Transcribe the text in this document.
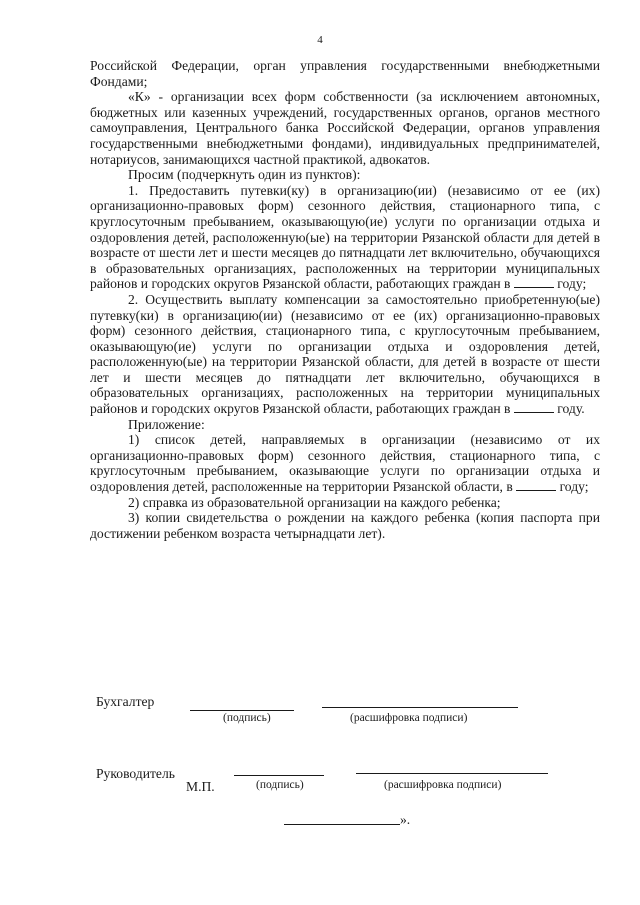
4

Российской Федерации, орган управления государственными внебюджетными Фондами;

«К» - организации всех форм собственности (за исключением автономных, бюджетных или казенных учреждений, государственных органов, органов местного самоуправления, Центрального банка Российской Федерации, органов управления государственными внебюджетными фондами), индивидуальных предпринимателей, нотариусов, занимающихся частной практикой, адвокатов.

Просим (подчеркнуть один из пунктов):

1. Предоставить путевки(ку) в организацию(ии) (независимо от ее (их) организационно-правовых форм) сезонного действия, стационарного типа, с круглосуточным пребыванием, оказывающую(ие) услуги по организации отдыха и оздоровления детей, расположенную(ые) на территории Рязанской области для детей в возрасте от шести лет и шести месяцев до пятнадцати лет включительно, обучающихся в образовательных организациях, расположенных на территории муниципальных районов и городских округов Рязанской области, работающих граждан в	году;

2. Осуществить выплату компенсации за самостоятельно приобретенную(ые) путевку(ки) в организацию(ии) (независимо от ее (их) организационно-правовых форм) сезонного действия, стационарного типа, с круглосуточным пребыванием, оказывающую(ие) услуги по организации отдыха и оздоровления детей, расположенную(ые) на территории Рязанской области, для детей в возрасте от шести лет и шести месяцев до пятнадцати лет включительно, обучающихся в образовательных организациях, расположенных на территории муниципальных районов и городских округов Рязанской области, работающих граждан в	году.

Приложение:

1) список детей, направляемых в организации (независимо от их организационно-правовых форм) сезонного действия, стационарного типа, с круглосуточным пребыванием, оказывающие услуги по организации отдыха и оздоровления детей, расположенные на территории Рязанской области, в	году;

2) справка из образовательной организации на каждого ребенка;

3) копии свидетельства о рождении на каждого ребенка (копия паспорта при достижении ребенком возраста четырнадцати лет).

Бухгалтер
(подпись)	(расшифровка подписи)
Руководитель
М.П.	(подпись)	(расшифровка подписи)
».
